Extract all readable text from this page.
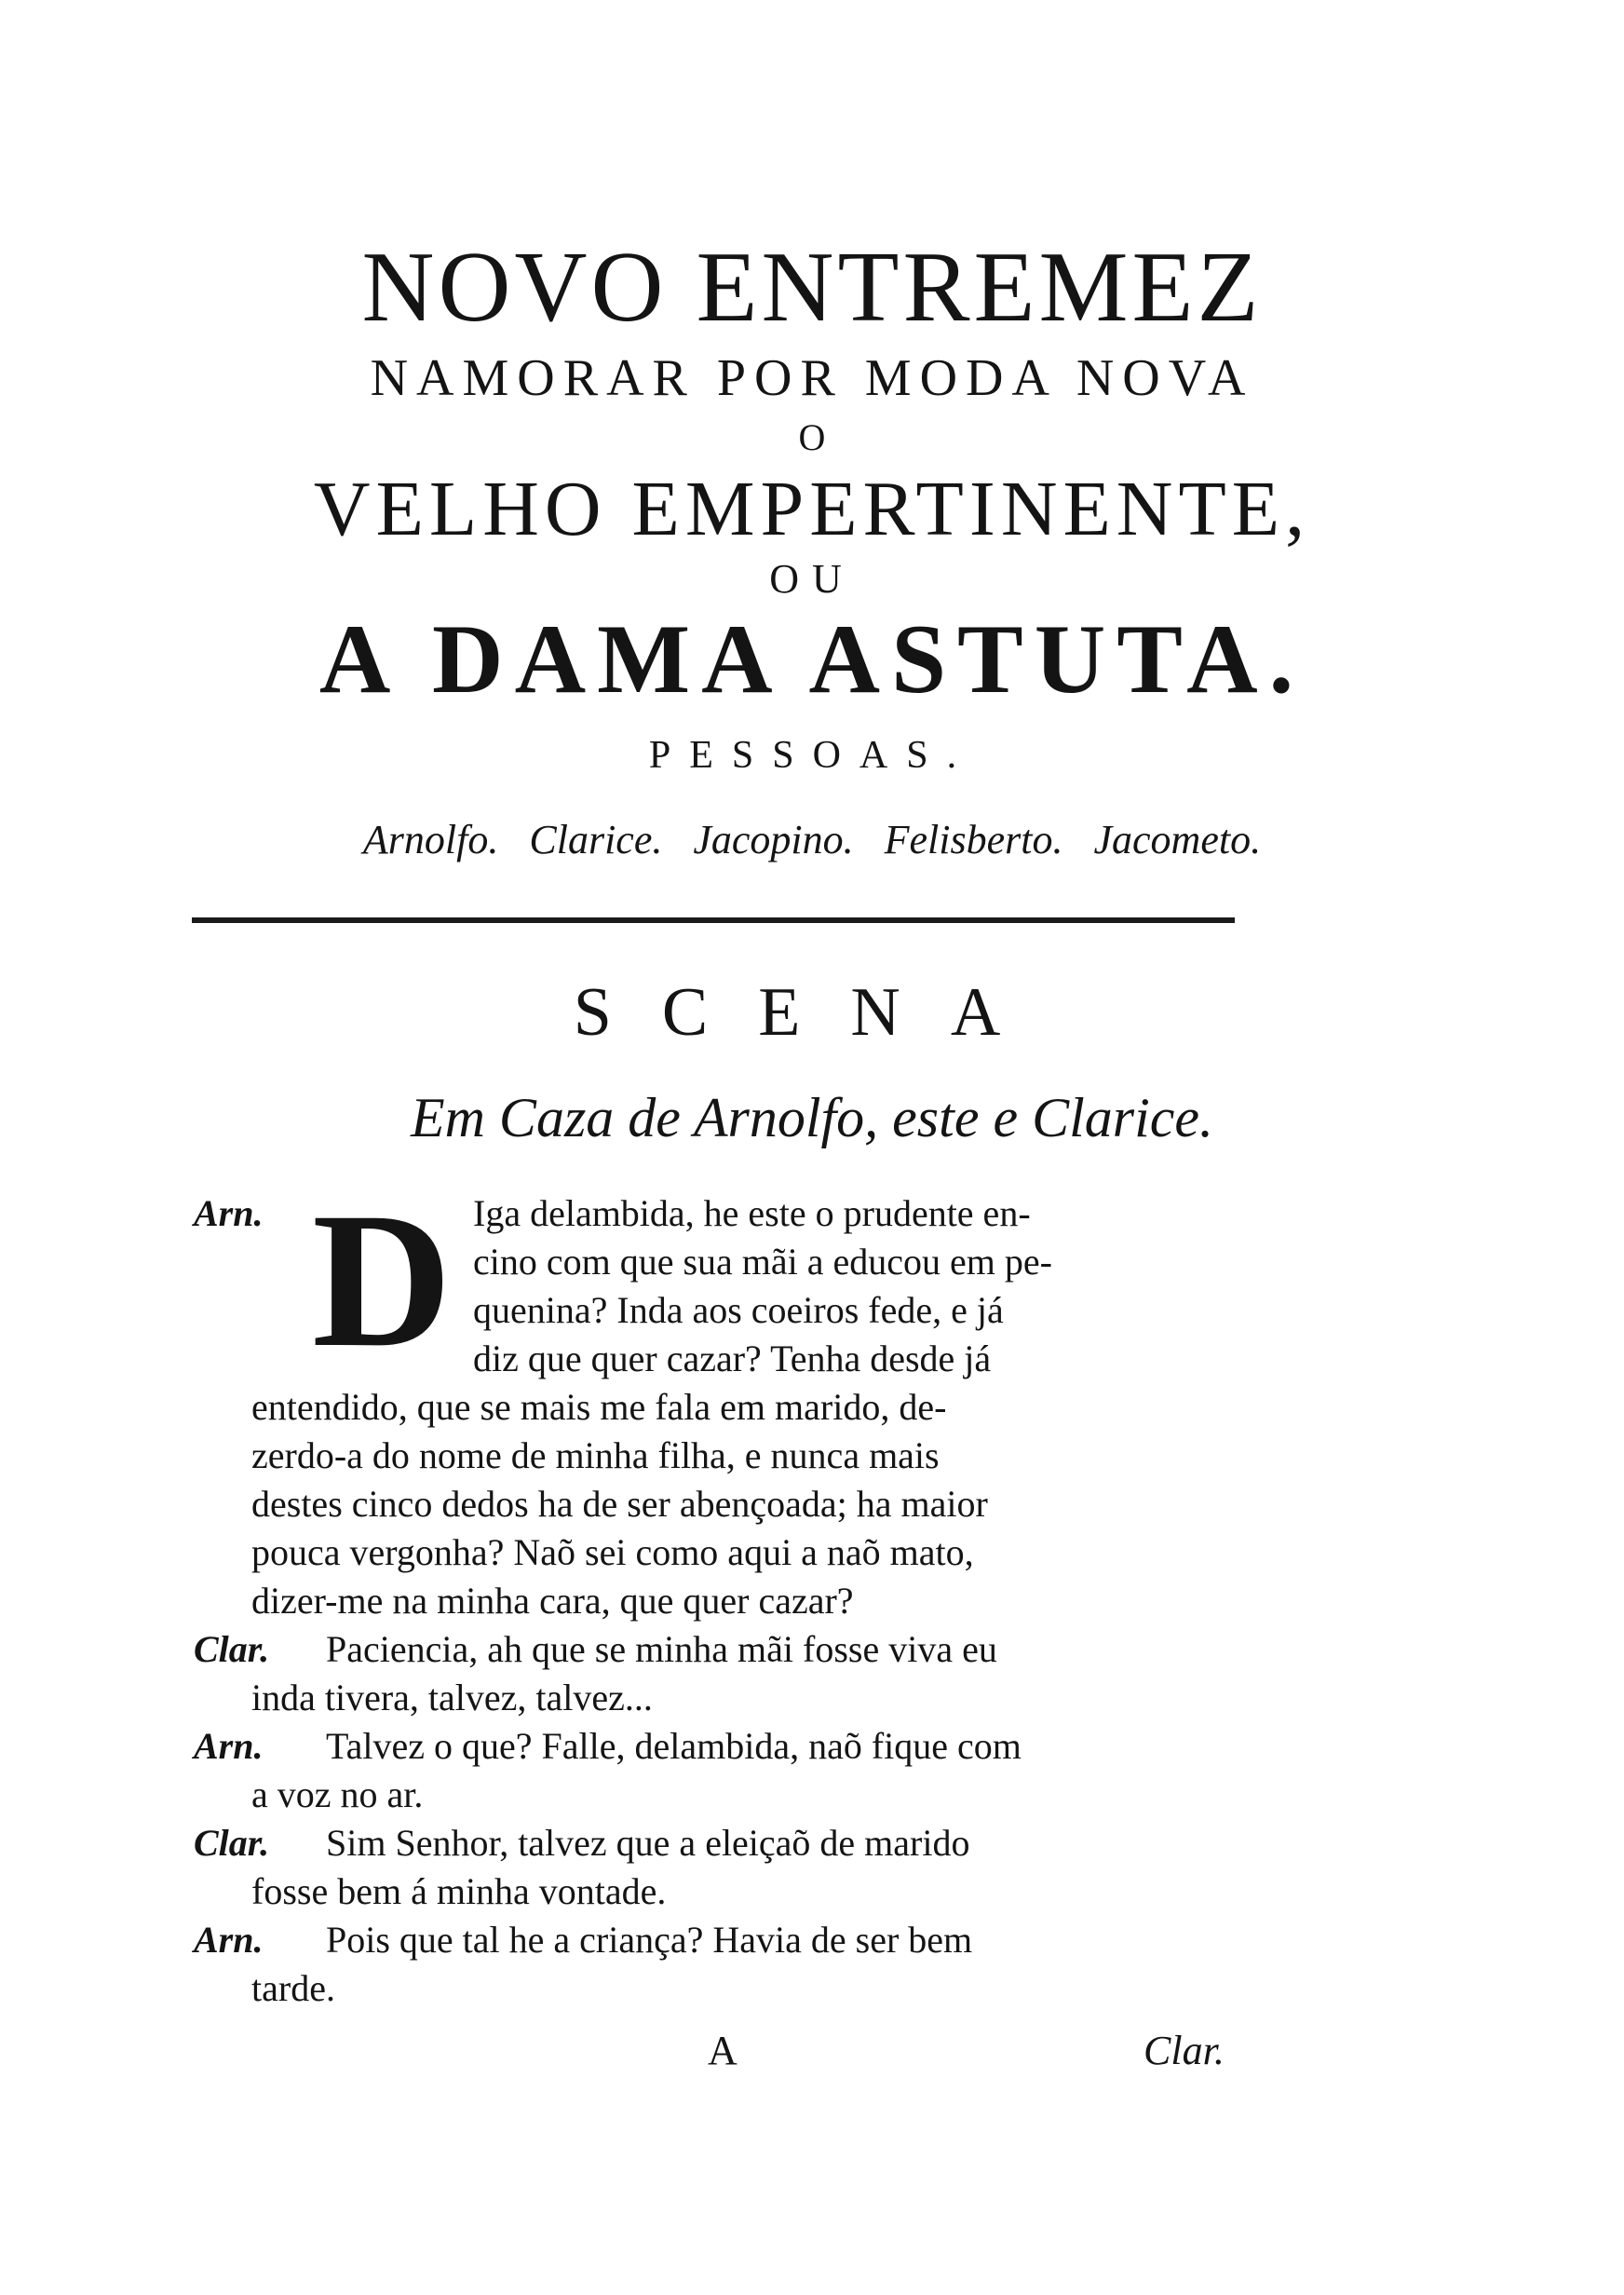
NOVO ENTREMEZ
NAMORAR POR MODA NOVA
O
VELHO EMPERTINENTE,
OU
A DAMA ASTUTA.
PESSOAS.
Arnolfo. Clarice. Jacopino. Felisberto. Jacometo.
SCENA
Em Caza de Arnolfo, este e Clarice.
Arn. D Iga delambida, he este o prudente en-
cino com que sua mãi a educou em pe-
quenina? Inda aos coeiros fede, e já
diz que quer cazar? Tenha desde já
entendido, que se mais me fala em marido, de-
zerdo-a do nome de minha filha, e nunca mais
destes cinco dedos ha de ser abençoada; ha maior
pouca vergonha? Naõ sei como aqui a naõ mato,
dizer-me na minha cara, que quer cazar?
Clar. Paciencia, ah que se minha mãi fosse viva eu
inda tivera, talvez, talvez...
Arn. Talvez o que? Falle, delambida, naõ fique com
a voz no ar.
Clar. Sim Senhor, talvez que a eleiçaõ de marido
fosse bem á minha vontade.
Arn. Pois que tal he a criança? Havia de ser bem
tarde.
A	Clar.
